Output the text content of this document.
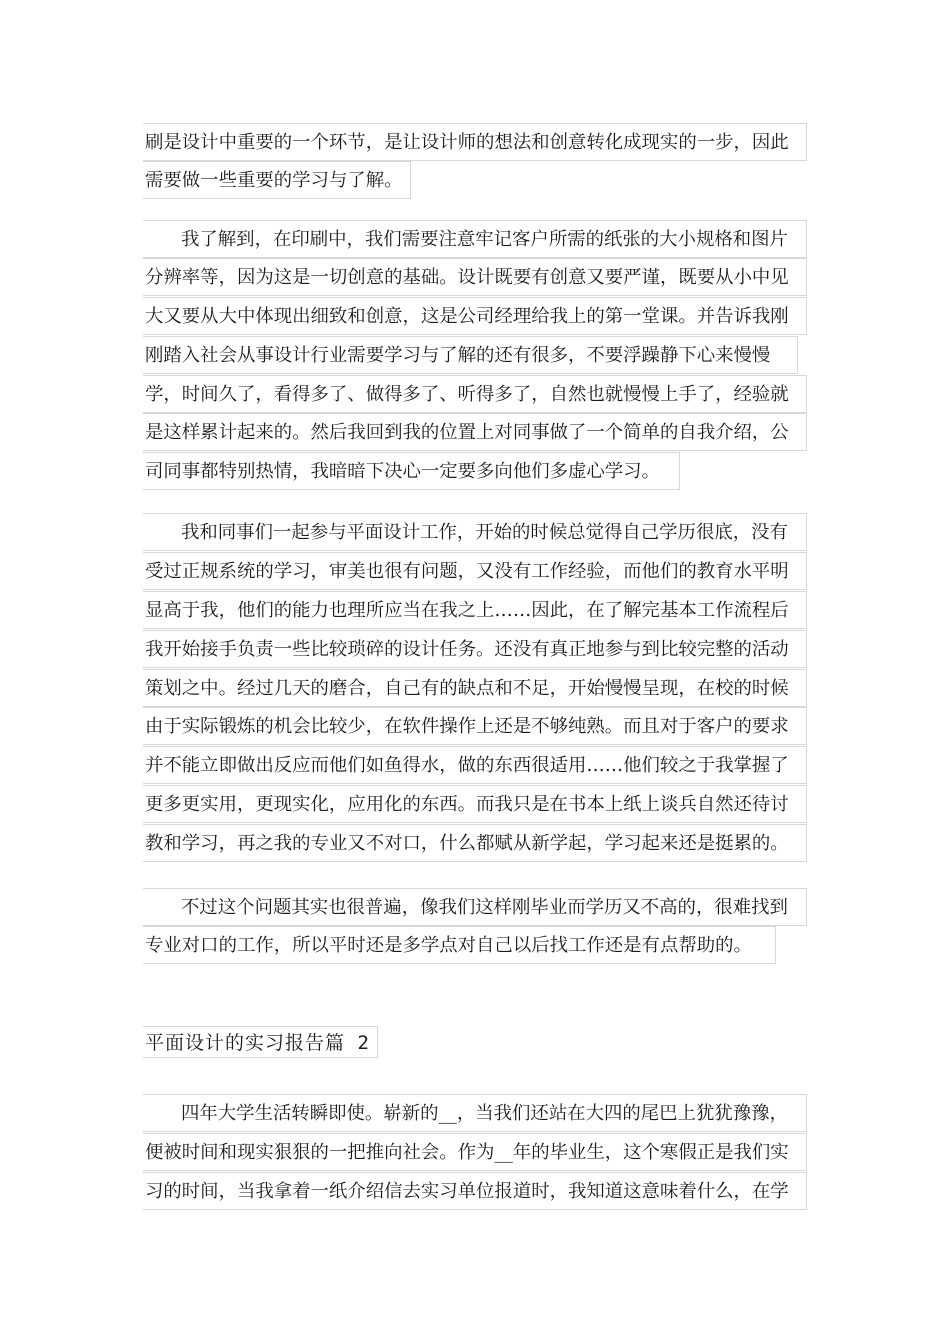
刷是设计中重要的一个环节，是让设计师的想法和创意转化成现实的一步，因此
需要做一些重要的学习与了解。
我了解到，在印刷中，我们需要注意牢记客户所需的纸张的大小规格和图片
分辨率等，因为这是一切创意的基础。设计既要有创意又要严谨，既要从小中见
大又要从大中体现出细致和创意，这是公司经理给我上的第一堂课。并告诉我刚
刚踏入社会从事设计行业需要学习与了解的还有很多，不要浮躁静下心来慢慢
学，时间久了，看得多了、做得多了、听得多了，自然也就慢慢上手了，经验就
是这样累计起来的。然后我回到我的位置上对同事做了一个简单的自我介绍，公
司同事都特别热情，我暗暗下决心一定要多向他们多虚心学习。
我和同事们一起参与平面设计工作，开始的时候总觉得自己学历很底，没有
受过正规系统的学习，审美也很有问题，又没有工作经验，而他们的教育水平明
显高于我，他们的能力也理所应当在我之上……因此，在了解完基本工作流程后
我开始接手负责一些比较琐碎的设计任务。还没有真正地参与到比较完整的活动
策划之中。经过几天的磨合，自己有的缺点和不足，开始慢慢呈现，在校的时候
由于实际锻炼的机会比较少，在软件操作上还是不够纯熟。而且对于客户的要求
并不能立即做出反应而他们如鱼得水，做的东西很适用……他们较之于我掌握了
更多更实用，更现实化，应用化的东西。而我只是在书本上纸上谈兵自然还待讨
教和学习，再之我的专业又不对口，什么都赋从新学起，学习起来还是挺累的。
不过这个问题其实也很普遍，像我们这样刚毕业而学历又不高的，很难找到
专业对口的工作，所以平时还是多学点对自己以后找工作还是有点帮助的。
平面设计的实习报告篇 2
四年大学生活转瞬即使。崭新的__，当我们还站在大四的尾巴上犹犹豫豫，
便被时间和现实狠狠的一把推向社会。作为__年的毕业生，这个寒假正是我们实
习的时间，当我拿着一纸介绍信去实习单位报道时，我知道这意味着什么，在学
